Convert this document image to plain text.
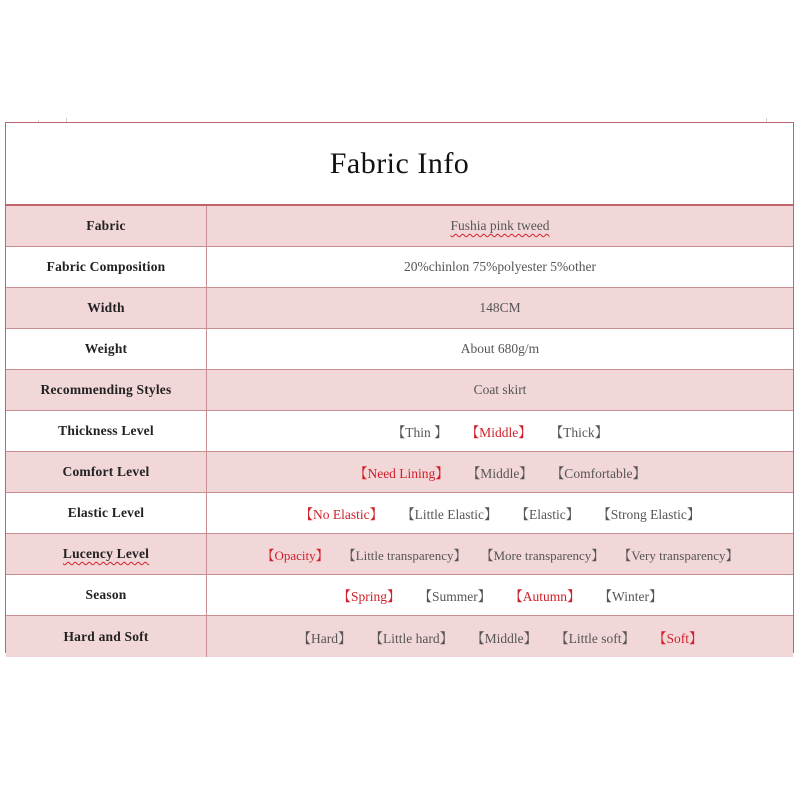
Fabric Info
Fabric	Fushia pink tweed
Fabric Composition	20%chinlon 75%polyester 5%other
Width	148CM
Weight	About 680g/m
Recommending Styles	Coat skirt
Thickness Level	【Thin 】 【Middle】 【Thick】
Comfort Level	【Need Lining】 【Middle】 【Comfortable】
Elastic Level	【No Elastic】 【Little Elastic】 【Elastic】 【Strong Elastic】
Lucency Level	【Opacity】 【Little transparency】 【More transparency】 【Very transparency】
Season	【Spring】 【Summer】 【Autumn】 【Winter】
Hard and Soft	【Hard】 【Little hard】 【Middle】 【Little soft】 【Soft】
